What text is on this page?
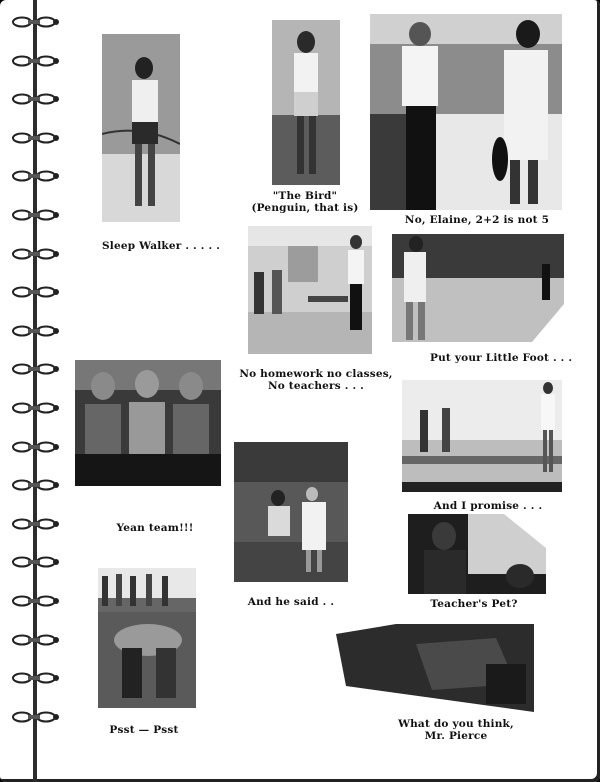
Sleep Walker . . . . .
"The Bird"
(Penguin, that is)
No, Elaine, 2+2 is not 5
No homework no classes,
No teachers . . .
Put your Little Foot . . .
Yean team!!!
And I promise . . .
And he said . .	Teacher's Pet?
Psst — Psst	What do you think,
Mr. Pierce
